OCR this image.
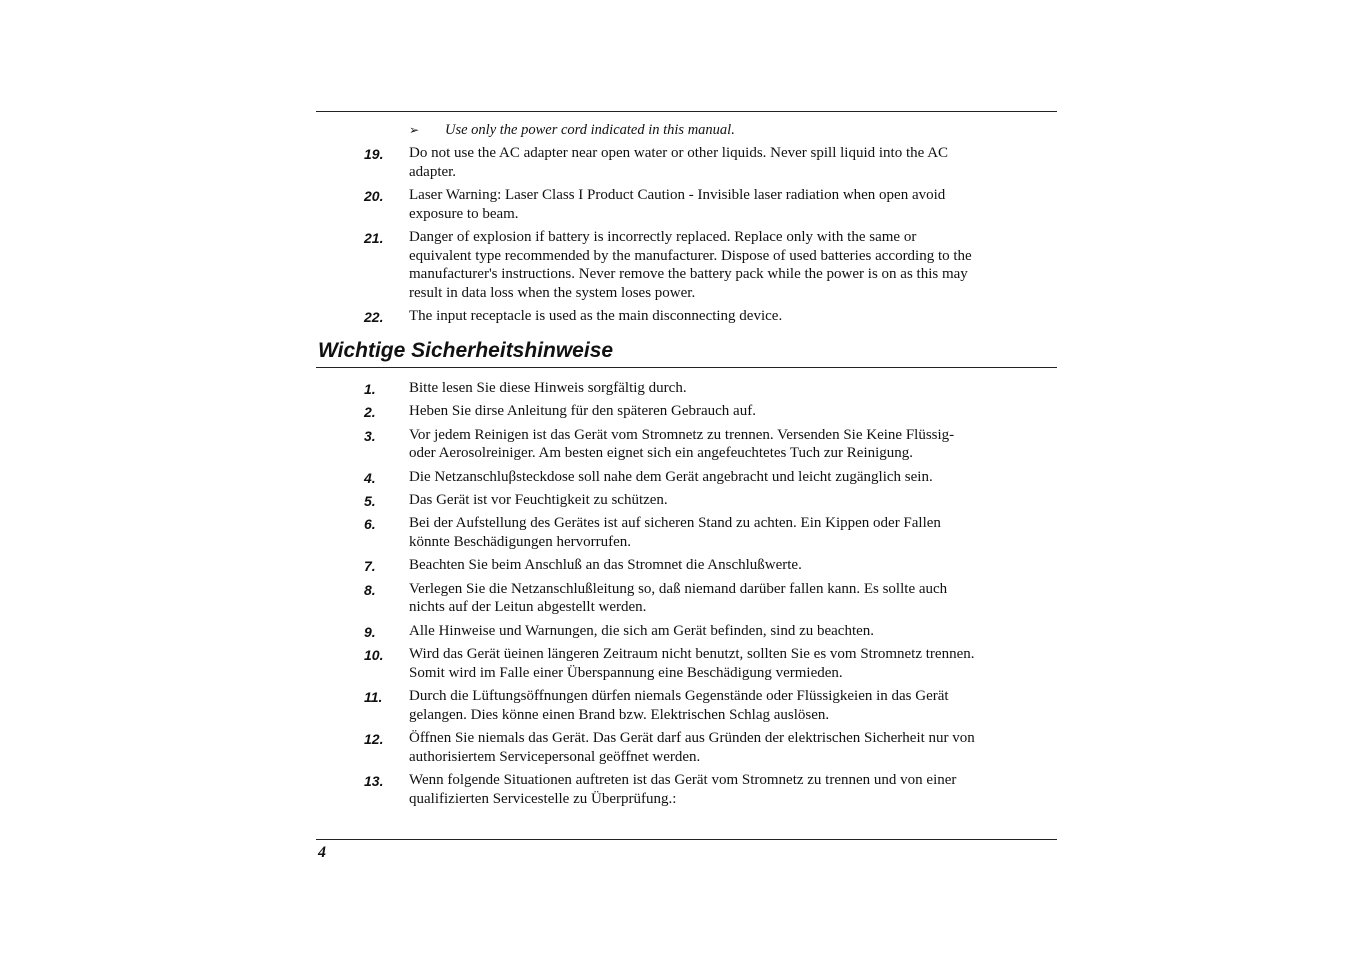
➢ Use only the power cord indicated in this manual.
19. Do not use the AC adapter near open water or other liquids. Never spill liquid into the AC
adapter.
20. Laser Warning: Laser Class I Product Caution - Invisible laser radiation when open avoid
exposure to beam.
21. Danger of explosion if battery is incorrectly replaced. Replace only with the same or
equivalent type recommended by the manufacturer. Dispose of used batteries according to the
manufacturer's instructions. Never remove the battery pack while the power is on as this may
result in data loss when the system loses power.
22. The input receptacle is used as the main disconnecting device.
Wichtige Sicherheitshinweise
1. Bitte lesen Sie diese Hinweis sorgfältig durch.
2. Heben Sie dirse Anleitung für den späteren Gebrauch auf.
3. Vor jedem Reinigen ist das Gerät vom Stromnetz zu trennen. Versenden Sie Keine Flüssig-
oder Aerosolreiniger. Am besten eignet sich ein angefeuchtetes Tuch zur Reinigung.
4. Die Netzanschluβsteckdose soll nahe dem Gerät angebracht und leicht zugänglich sein.
5. Das Gerät ist vor Feuchtigkeit zu schützen.
6. Bei der Aufstellung des Gerätes ist auf sicheren Stand zu achten. Ein Kippen oder Fallen
könnte Beschädigungen hervorrufen.
7. Beachten Sie beim Anschluß an das Stromnet die Anschlußwerte.
8. Verlegen Sie die Netzanschlußleitung so, daß niemand darüber fallen kann. Es sollte auch
nichts auf der Leitun abgestellt werden.
9. Alle Hinweise und Warnungen, die sich am Gerät befinden, sind zu beachten.
10. Wird das Gerät üeinen längeren Zeitraum nicht benutzt, sollten Sie es vom Stromnetz trennen.
Somit wird im Falle einer Überspannung eine Beschädigung vermieden.
11. Durch die Lüftungsöffnungen dürfen niemals Gegenstände oder Flüssigkeien in das Gerät
gelangen. Dies könne einen Brand bzw. Elektrischen Schlag auslösen.
12. Öffnen Sie niemals das Gerät. Das Gerät darf aus Gründen der elektrischen Sicherheit nur von
authorisiertem Servicepersonal geöffnet werden.
13. Wenn folgende Situationen auftreten ist das Gerät vom Stromnetz zu trennen und von einer
qualifizierten Servicestelle zu Überprüfung.:
4
